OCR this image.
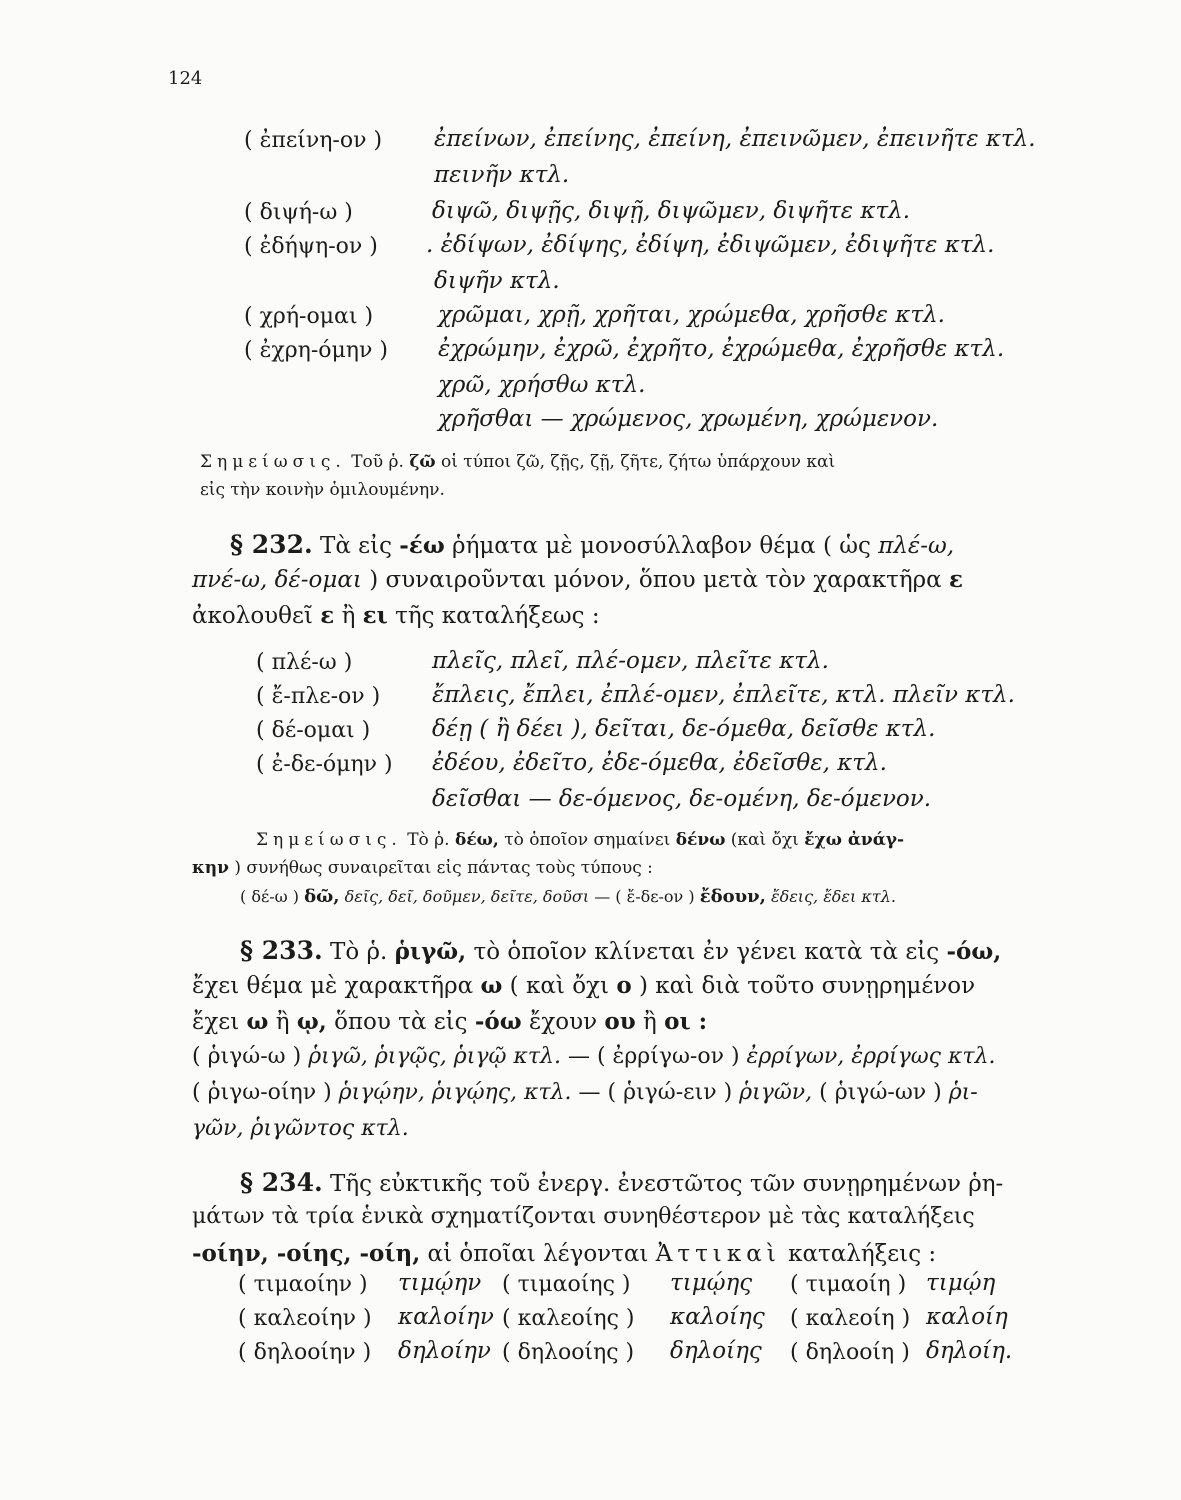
124
( ἐπείνη-ον ) ἐπείνων, ἐπείνης, ἐπείνη, ἐπεινῶμεν, ἐπεινῆτε κτλ.
πεινῆν κτλ.
( διψή-ω )	διψῶ, διψῇς, διψῇ, διψῶμεν, διψῆτε κτλ.
( ἐδήψη-ον ) . ἐδίψων, ἐδίψης, ἐδίψη, ἐδιψῶμεν, ἐδιψῆτε κτλ.
διψῆν κτλ.
( χρή-ομαι )	χρῶμαι, χρῇ, χρῆται, χρώμεθα, χρῆσθε κτλ.
( ἐχρη-όμην ) ἐχρώμην, ἐχρῶ, ἐχρῆτο, ἐχρώμεθα, ἐχρῆσθε κτλ.
χρῶ, χρήσθω κτλ.
χρῆσθαι — χρώμενος, χρωμένη, χρώμενον.
Σημείωσις. Τοῦ ῥ. ζῶ οἱ τύποι ζῶ, ζῇς, ζῇ, ζῆτε, ζήτω ὑπάρχουν καὶ
εἰς τὴν κοινὴν ὁμιλουμένην.
§ 232. Τὰ εἰς -έω ῥήματα μὲ μονοσύλλαβον θέμα ( ὡς πλέ-ω,
πνέ-ω, δέ-ομαι ) συναιροῦνται μόνον, ὅπου μετὰ τὸν χαρακτῆρα ε
ἀκολουθεῖ ε ἢ ει τῆς καταλήξεως :
( πλέ-ω )	πλεῖς, πλεῖ, πλέ-ομεν, πλεῖτε κτλ.
( ἔ-πλε-ον ) ἔπλεις, ἔπλει, ἐπλέ-ομεν, ἐπλεῖτε, κτλ. πλεῖν κτλ.
( δέ-ομαι )	δέῃ ( ἢ δέει ), δεῖται, δε-όμεθα, δεῖσθε κτλ.
( ἐ-δε-όμην ) ἐδέου, ἐδεῖτο, ἐδε-όμεθα, ἐδεῖσθε, κτλ.
δεῖσθαι — δε-όμενος, δε-ομένη, δε-όμενον.
Σημείωσις. Τὸ ῥ. δέω, τὸ ὁποῖον σημαίνει δένω (καὶ ὄχι ἔχω ἀνάγ-
κην ) συνήθως συναιρεῖται εἰς πάντας τοὺς τύπους :
( δέ-ω ) δῶ, δεῖς, δεῖ, δοῦμεν, δεῖτε, δοῦσι — ( ἔ-δε-ον ) ἔδουν, ἔδεις, ἔδει κτλ.
§ 233. Τὸ ῥ. ῥιγῶ, τὸ ὁποῖον κλίνεται ἐν γένει κατὰ τὰ εἰς -όω,
ἔχει θέμα μὲ χαρακτῆρα ω ( καὶ ὄχι ο ) καὶ διὰ τοῦτο συνῃρημένον
ἔχει ω ἢ ῳ, ὅπου τὰ εἰς -όω ἔχουν ου ἢ οι :
( ῥιγώ-ω ) ῥιγῶ, ῥιγῷς, ῥιγῷ κτλ. — ( ἐρρίγω-ον ) ἐρρίγων, ἐρρίγως κτλ.
( ῥιγω-οίην ) ῥιγῴην, ῥιγῴης, κτλ. — ( ῥιγώ-ειν ) ῥιγῶν, ( ῥιγώ-ων ) ῥι-
γῶν, ῥιγῶντος κτλ.
§ 234. Τῆς εὐκτικῆς τοῦ ἐνεργ. ἐνεστῶτος τῶν συνῃρημένων ῥη-
μάτων τὰ τρία ἑνικὰ σχηματίζονται συνηθέστερον μὲ τὰς καταλήξεις
-οίην, -οίης, -οίη, αἱ ὁποῖαι λέγονται Ἀττικαὶ καταλήξεις :
( τιμαοίην ) τιμῴην ( τιμαοίης ) τιμῴης ( τιμαοίη ) τιμῴη
( καλεοίην ) καλοίην ( καλεοίης ) καλοίης ( καλεοίη ) καλοίη
( δηλοοίην ) δηλοίην ( δηλοοίης ) δηλοίης ( δηλοοίη ) δηλοίη.
